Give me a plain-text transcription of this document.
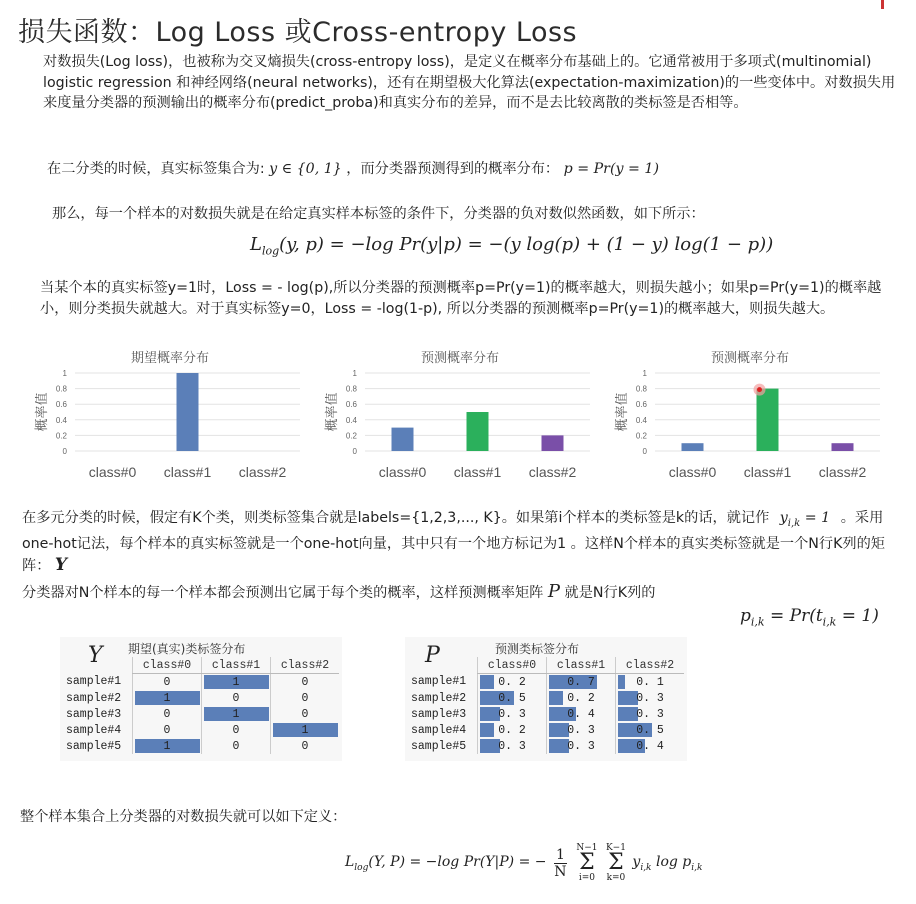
损失函数：Log Loss 或Cross-entropy Loss
对数损失(Log loss)，也被称为交叉熵损失(cross-entropy loss)，是定义在概率分布基础上的。它通常被用于多项式(multinomial) logistic regression 和神经网络(neural networks)，还有在期望极大化算法(expectation-maximization)的一些变体中。对数损失用来度量分类器的预测输出的概率分布(predict_proba)和真实分布的差异，而不是去比较离散的类标签是否相等。
在二分类的时候，真实标签集合为: y ∈ {0, 1} ，而分类器预测得到的概率分布： p = Pr(y = 1)
那么，每一个样本的对数损失就是在给定真实样本标签的条件下，分类器的负对数似然函数，如下所示：
$L_{log}(y$, p) = −log Pr(y|p) = −(y log(p) + (1 − y) log(1 − p))
当某个本的真实标签y=1时，Loss = - log(p),所以分类器的预测概率p=Pr(y=1)的概率越大，则损失越小；如果p=Pr(y=1)的概率越小，则分类损失就越大。对于真实标签y=0，Loss = -log(1-p), 所以分类器的预测概率p=Pr(y=1)的概率越大，则损失越大。
期望概率分布
概率值
0
0.2
0.4
0.6
0.8
1
class#0 class#1 class#2
预测概率分布
概率值
0
0.2
0.4
0.6
0.8
1
class#0 class#1 class#2
预测概率分布
概率值
0
0.2
0.4
0.6
0.8
1
class#0 class#1 class#2
在多元分类的时候，假定有K个类，则类标签集合就是labels={1,2,3,..., K}。如果第i个样本的类标签是k的话，就记作 $y_{i,k} = 1$ 。采用one-hot记法，每个样本的真实标签就是一个one-hot向量，其中只有一个地方标记为1 。这样N个样本的真实类标签就是一个N行K列的矩阵： Y
分类器对N个样本的每一个样本都会预测出它属于每个类的概率，这样预测概率矩阵 P 就是N行K列的
$p_{i,k} = Pr(t_{i,k} = 1)$
Y 期望(真实)类标签分布
	class#0	class#1	class#2
sample#1	0	1	0
sample#2	1	0	0
sample#3	0	1	0
sample#4	0	0	1
sample#5	1	0	0
P	预测类标签分布
	class#0	class#1	class#2
sample#1	0. 2	0. 7	0. 1
sample#2	0. 5	0. 2	0. 3
sample#3	0. 3	0. 4	0. 3
sample#4	0. 2	0. 3	0. 5
sample#5	0. 3	0. 3	0. 4
整个样本集合上分类器的对数损失就可以如下定义：
$L_{log}(Y$, P) = −log Pr(Y|P) = − $\frac{1}{N}$
N−1
Σ
i=0

K−1
Σ
k=0
$y_{i,k}$ $\log p_{i,k}$
